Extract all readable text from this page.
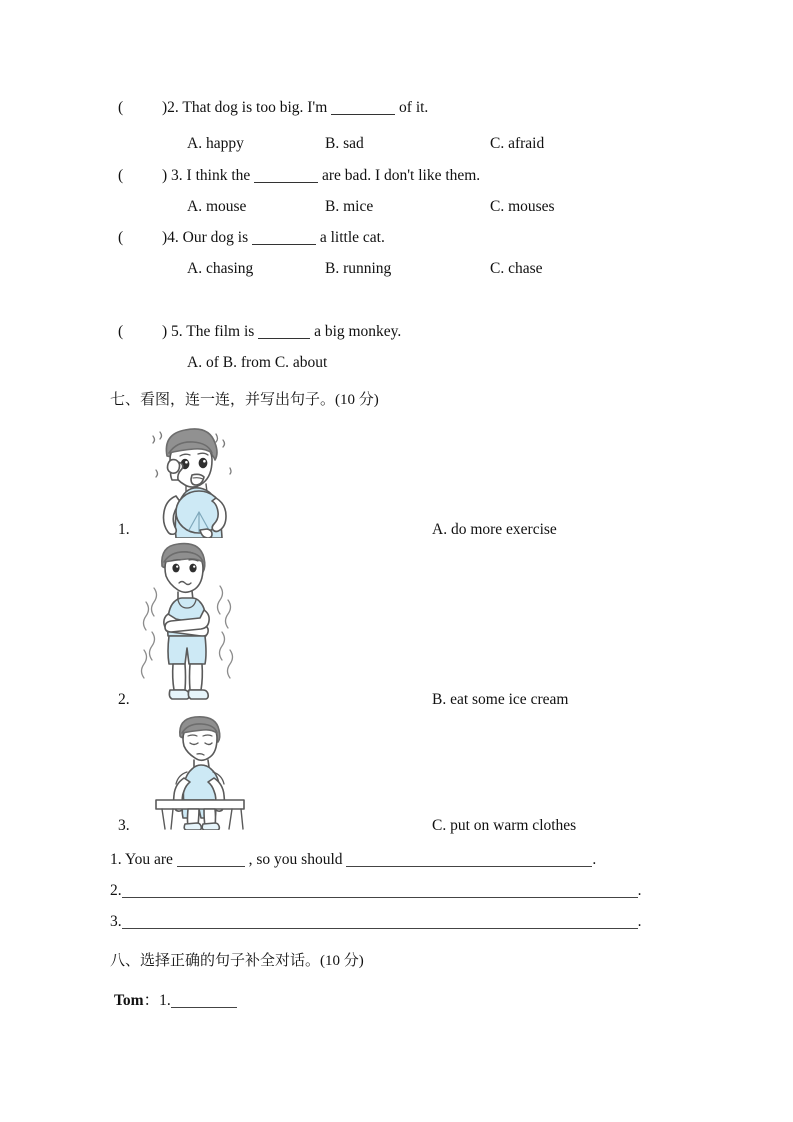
(	)2. That dog is too big. I'm	of it.
A. happy	B. sad	C. afraid
(	) 3. I think the	are bad. I don't like them.
A. mouse	B. mice	C. mouses
(	)4. Our dog is	a little cat.
A. chasing	B. running	C. chase
(	) 5. The film is	a big monkey.
A. of B. from C. about
七、看图，连一连，并写出句子。(10 分)
1.	A. do more exercise
2.	B. eat some ice cream
3.	C. put on warm clothes
1. You are	, so you should	.
2.	.
3.	.
八、选择正确的句子补全对话。(10 分)
Tom：1.
